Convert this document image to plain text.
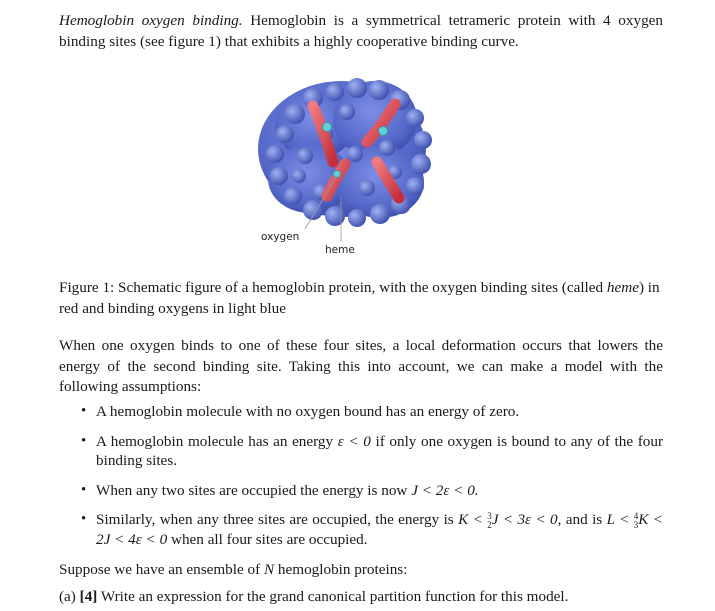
Hemoglobin oxygen binding. Hemoglobin is a symmetrical tetrameric protein with 4 oxygen binding sites (see figure 1) that exhibits a highly cooperative binding curve.
oxygen
heme
Figure 1: Schematic figure of a hemoglobin protein, with the oxygen binding sites (called heme) in red and binding oxygens in light blue
When one oxygen binds to one of these four sites, a local deformation occurs that lowers the energy of the second binding site. Taking this into account, we can make a model with the following assumptions:
• A hemoglobin molecule with no oxygen bound has an energy of zero.
• A hemoglobin molecule has an energy ε < 0 if only one oxygen is bound to any of the four binding sites.
• When any two sites are occupied the energy is now J < 2ε < 0.
• Similarly, when any three sites are occupied, the energy is K < 3
2 J < 3ε < 0, and is L < 4
3 K < 2J < 4ε < 0 when all four sites are occupied.
Suppose we have an ensemble of N hemoglobin proteins:
(a) [4] Write an expression for the grand canonical partition function for this model.
